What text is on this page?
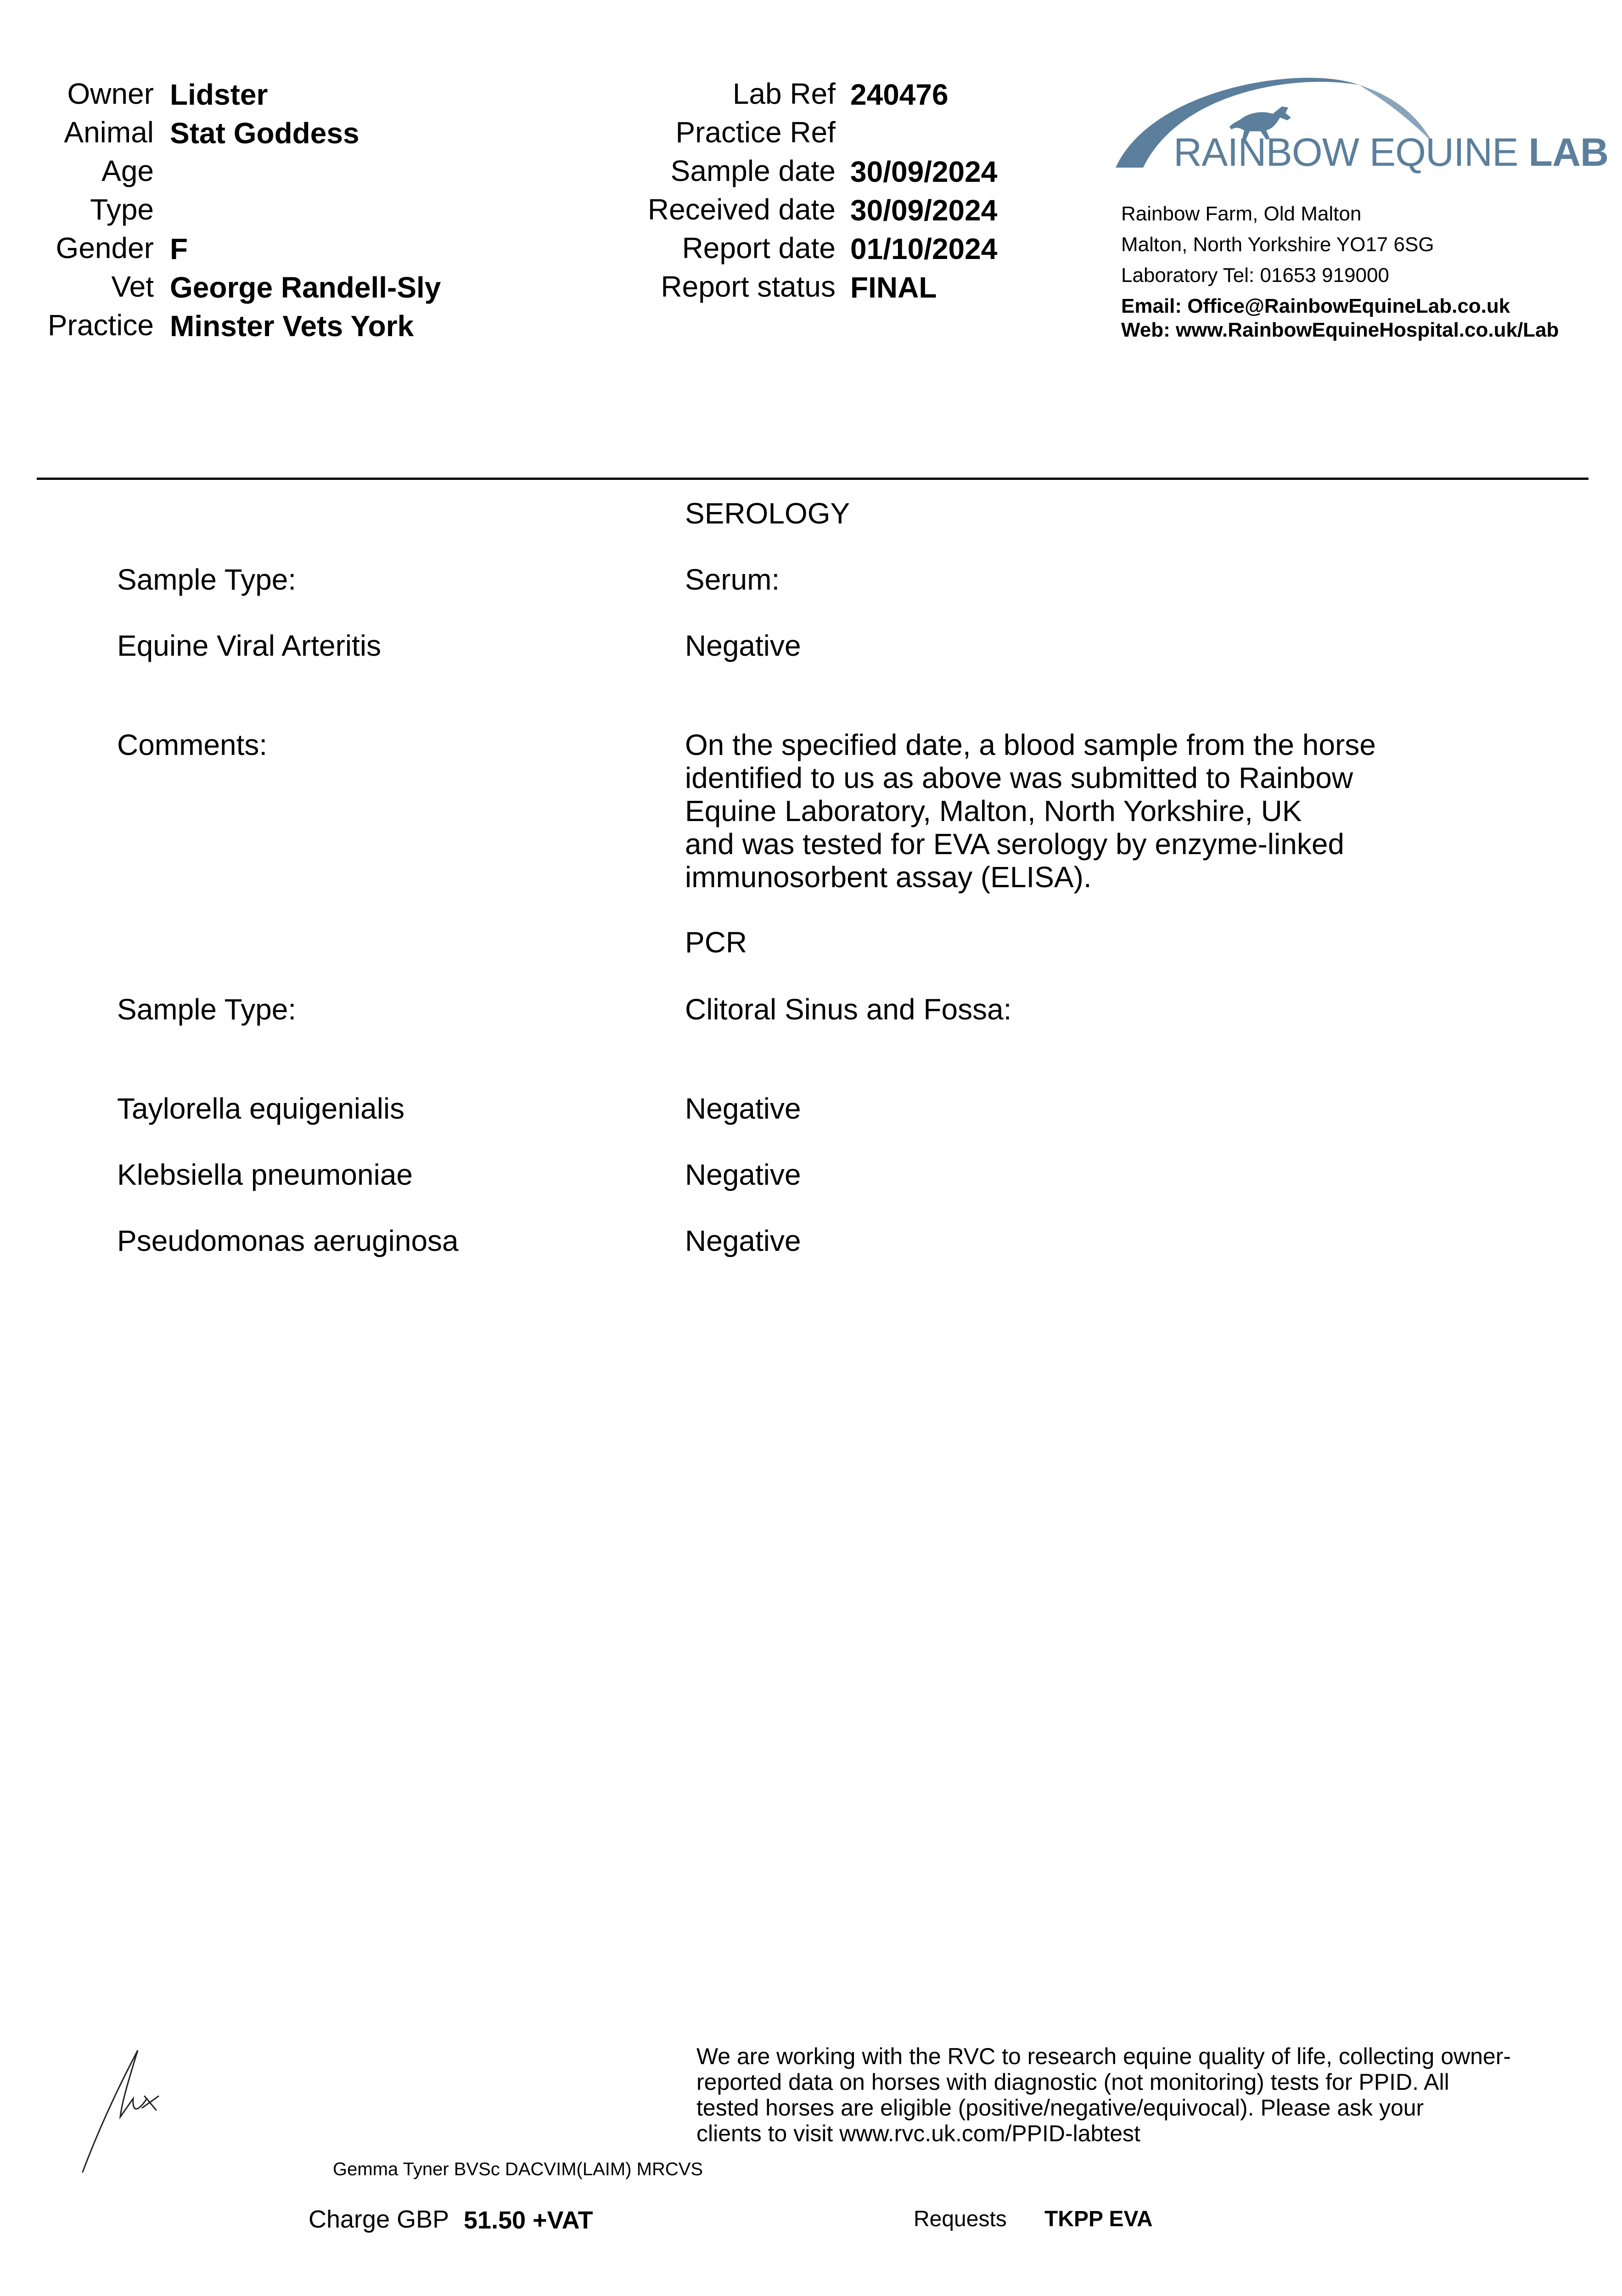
Owner Lidster
Animal Stat Goddess
Age
Type
Gender F
Vet George Randell-Sly
Practice Minster Vets York
Lab Ref 240476
Practice Ref
Sample date 30/09/2024
Received date 30/09/2024
Report date 01/10/2024
Report status FINAL
RAINBOW EQUINE LAB
Rainbow Farm, Old Malton
Malton, North Yorkshire YO17 6SG
Laboratory Tel: 01653 919000
Email: Office@RainbowEquineLab.co.uk
Web: www.RainbowEquineHospital.co.uk/Lab
SEROLOGY
Sample Type:	Serum:
Equine Viral Arteritis	Negative
Comments:	On the specified date, a blood sample from the horse
identified to us as above was submitted to Rainbow
Equine Laboratory, Malton, North Yorkshire, UK
and was tested for EVA serology by enzyme-linked
immunosorbent assay (ELISA).
PCR
Sample Type:	Clitoral Sinus and Fossa:
Taylorella equigenialis	Negative
Klebsiella pneumoniae	Negative
Pseudomonas aeruginosa	Negative
We are working with the RVC to research equine quality of life, collecting owner-
reported data on horses with diagnostic (not monitoring) tests for PPID. All
tested horses are eligible (positive/negative/equivocal). Please ask your
clients to visit www.rvc.uk.com/PPID-labtest
Gemma Tyner BVSc DACVIM(LAIM) MRCVS
Charge GBP 51.50 +VAT	Requests TKPP EVA
